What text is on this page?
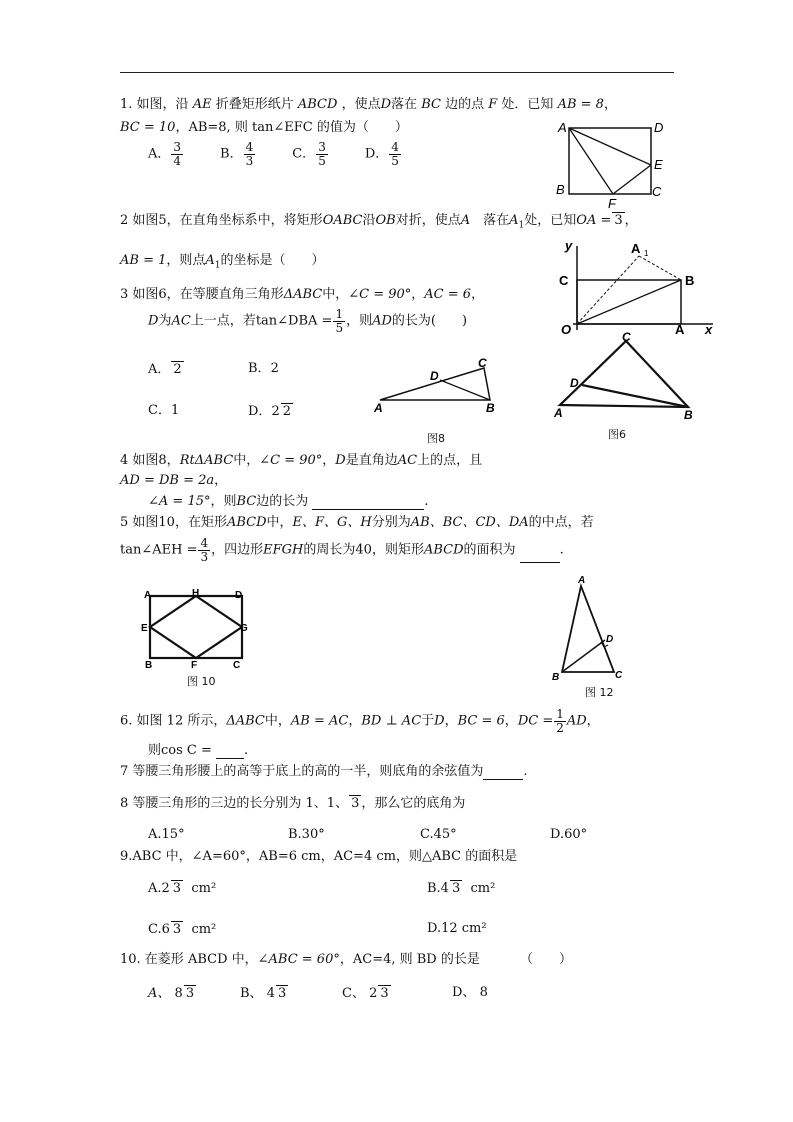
1. 如图，沿 AE 折叠矩形纸片 ABCD ，使点D落在 BC 边的点 F 处．已知 AB = 8，
BC = 10，AB=8, 则 tan∠EFC 的值为（　　）
A． $\frac{3}{4}$	B． $\frac{4}{3}$	C． $\frac{3}{5}$	D． $\frac{4}{5}$
A	D
E
B	C
F
2 如图5，在直角坐标系中，将矩形OABC沿OB对折，使点A　 落在$A_1$处，已知OA = 3 ，
AB = 1，则点$A_1$的坐标是（　　）
y	A 1
C	B
O	A x
3 如图6，在等腰直角三角形ΔABC中，∠C = 90°，AC = 6，
D为AC上一点，若tan∠DBA = $\frac{1}{5}$ ，则AD的长为(　　)
A． 2	B．2
C．1	D．2 2
D
C
A	B
图8
C
D
A	B
图6
4 如图8，RtΔABC中，∠C = 90°，D是直角边AC上的点，且
AD = DB = 2a，
∠A = 15°，则BC边的长为	.
5 如图10，在矩形ABCD中，E、F、G、H分别为AB、BC、CD、DA的中点，若
tan∠AEH = $\frac{4}{3}$ ，四边形EFGH的周长为40，则矩形ABCD的面积为	.
A	H	D
E	G
B	F	C
图 10
A
D
B	C
图 12
6. 如图 12 所示，ΔABC中，AB = AC，BD ⊥ AC于D，BC = 6，DC = $\frac{1}{2}$ AD，
则cos C = .
7 等腰三角形腰上的高等于底上的高的一半，则底角的余弦值为	.
8 等腰三角形的三边的长分别为 1、1、 3 ，那么它的底角为
A.15°	B.30°	C.45°	D.60°
9.ABC 中，∠A=60°，AB=6 cm，AC=4 cm，则△ABC 的面积是
A.2 3 cm²	B.4 3 cm²
C.6 3 cm²	D.12 cm²
10. 在菱形 ABCD 中，∠ABC = 60°，AC=4, 则 BD 的长是	（　　）
A、 8 3	B、 4 3	C、 2 3	D、 8
